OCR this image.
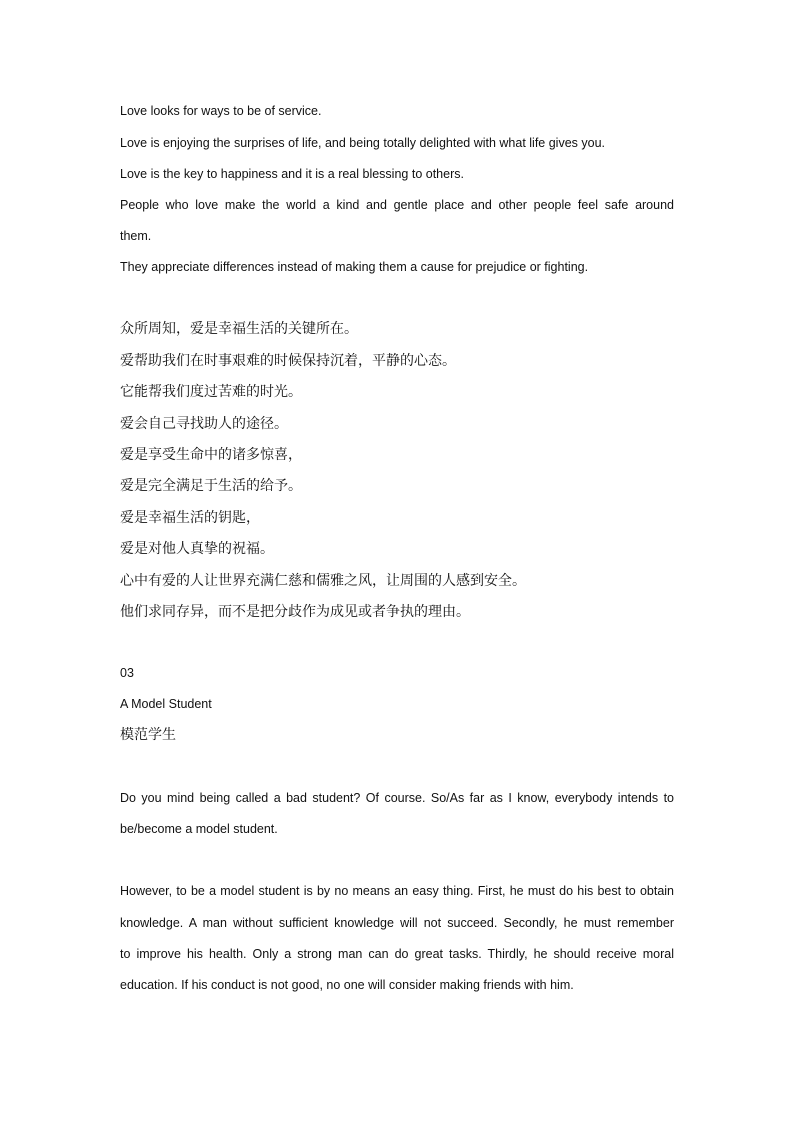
Love looks for ways to be of service.

Love is enjoying the surprises of life, and being totally delighted with what life gives you.

Love is the key to happiness and it is a real blessing to others.

People who love make the world a kind and gentle place and other people feel safe around

them.

They appreciate differences instead of making them a cause for prejudice or fighting.

众所周知，爱是幸福生活的关键所在。

爱帮助我们在时事艰难的时候保持沉着，平静的心态。

它能帮我们度过苦难的时光。

爱会自己寻找助人的途径。

爱是享受生命中的诸多惊喜，

爱是完全满足于生活的给予。

爱是幸福生活的钥匙，

爱是对他人真挚的祝福。

心中有爱的人让世界充满仁慈和儒雅之风，让周围的人感到安全。

他们求同存异，而不是把分歧作为成见或者争执的理由。

03

A Model Student

模范学生

Do you mind being called a bad student? Of course. So/As far as I know, everybody intends to

be/become a model student.

However, to be a model student is by no means an easy thing. First, he must do his best to obtain

knowledge. A man without sufficient knowledge will not succeed. Secondly, he must remember

to improve his health. Only a strong man can do great tasks. Thirdly, he should receive moral

education. If his conduct is not good, no one will consider making friends with him.
